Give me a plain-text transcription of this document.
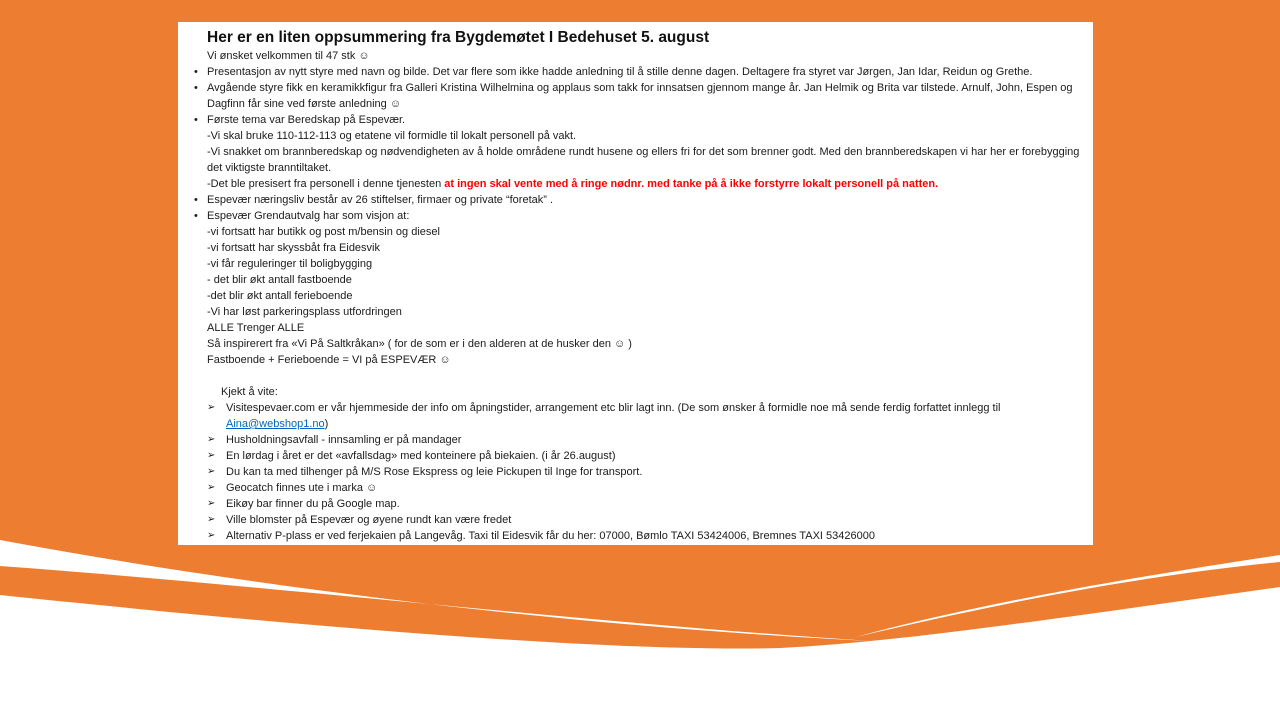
Her er en liten oppsummering fra Bygdemøtet I Bedehuset 5. august
Vi ønsket velkommen til 47 stk ☺
• Presentasjon av nytt styre med navn og bilde. Det var flere som ikke hadde anledning til å stille denne dagen. Deltagere fra styret var Jørgen, Jan Idar, Reidun og Grethe.
• Avgående styre fikk en keramikkfigur fra Galleri Kristina Wilhelmina og applaus som takk for innsatsen gjennom mange år. Jan Helmik og Brita var tilstede. Arnulf, John, Espen og Dagfinn får sine ved første anledning ☺
• Første tema var Beredskap på Espevær.
-Vi skal bruke 110-112-113 og etatene vil formidle til lokalt personell på vakt.
-Vi snakket om brannberedskap og nødvendigheten av å holde områdene rundt husene og ellers fri for det som brenner godt. Med den brannberedskapen vi har her er forebygging det viktigste branntiltaket.
-Det ble presisert fra personell i denne tjenesten at ingen skal vente med å ringe nødnr. med tanke på å ikke forstyrre lokalt personell på natten.
• Espevær næringsliv består av 26 stiftelser, firmaer og private “foretak” .
• Espevær Grendautvalg har som visjon at:
-vi fortsatt har butikk og post m/bensin og diesel
-vi fortsatt har skyssbåt fra Eidesvik
-vi får reguleringer til boligbygging
- det blir økt antall fastboende
-det blir økt antall ferieboende
-Vi har løst parkeringsplass utfordringen
ALLE Trenger ALLE
Så inspirerert fra «Vi På Saltkråkan» ( for de som er i den alderen at de husker den ☺ )
Fastboende + Ferieboende = VI på ESPEVÆR ☺
Kjekt å vite:
➢ Visitespevaer.com er vår hjemmeside der info om åpningstider, arrangement etc blir lagt inn. (De som ønsker å formidle noe må sende ferdig forfattet innlegg til Aina@webshop1.no)
➢ Husholdningsavfall - innsamling er på mandager
➢ En lørdag i året er det «avfallsdag» med konteinere på biekaien. (i år 26.august)
➢ Du kan ta med tilhenger på M/S Rose Ekspress og leie Pickupen til Inge for transport.
➢ Geocatch finnes ute i marka ☺
➢ Eikøy bar finner du på Google map.
➢ Ville blomster på Espevær og øyene rundt kan være fredet
➢ Alternativ P-plass er ved ferjekaien på Langevåg. Taxi til Eidesvik får du her: 07000, Bømlo TAXI 53424006, Bremnes TAXI 53426000
